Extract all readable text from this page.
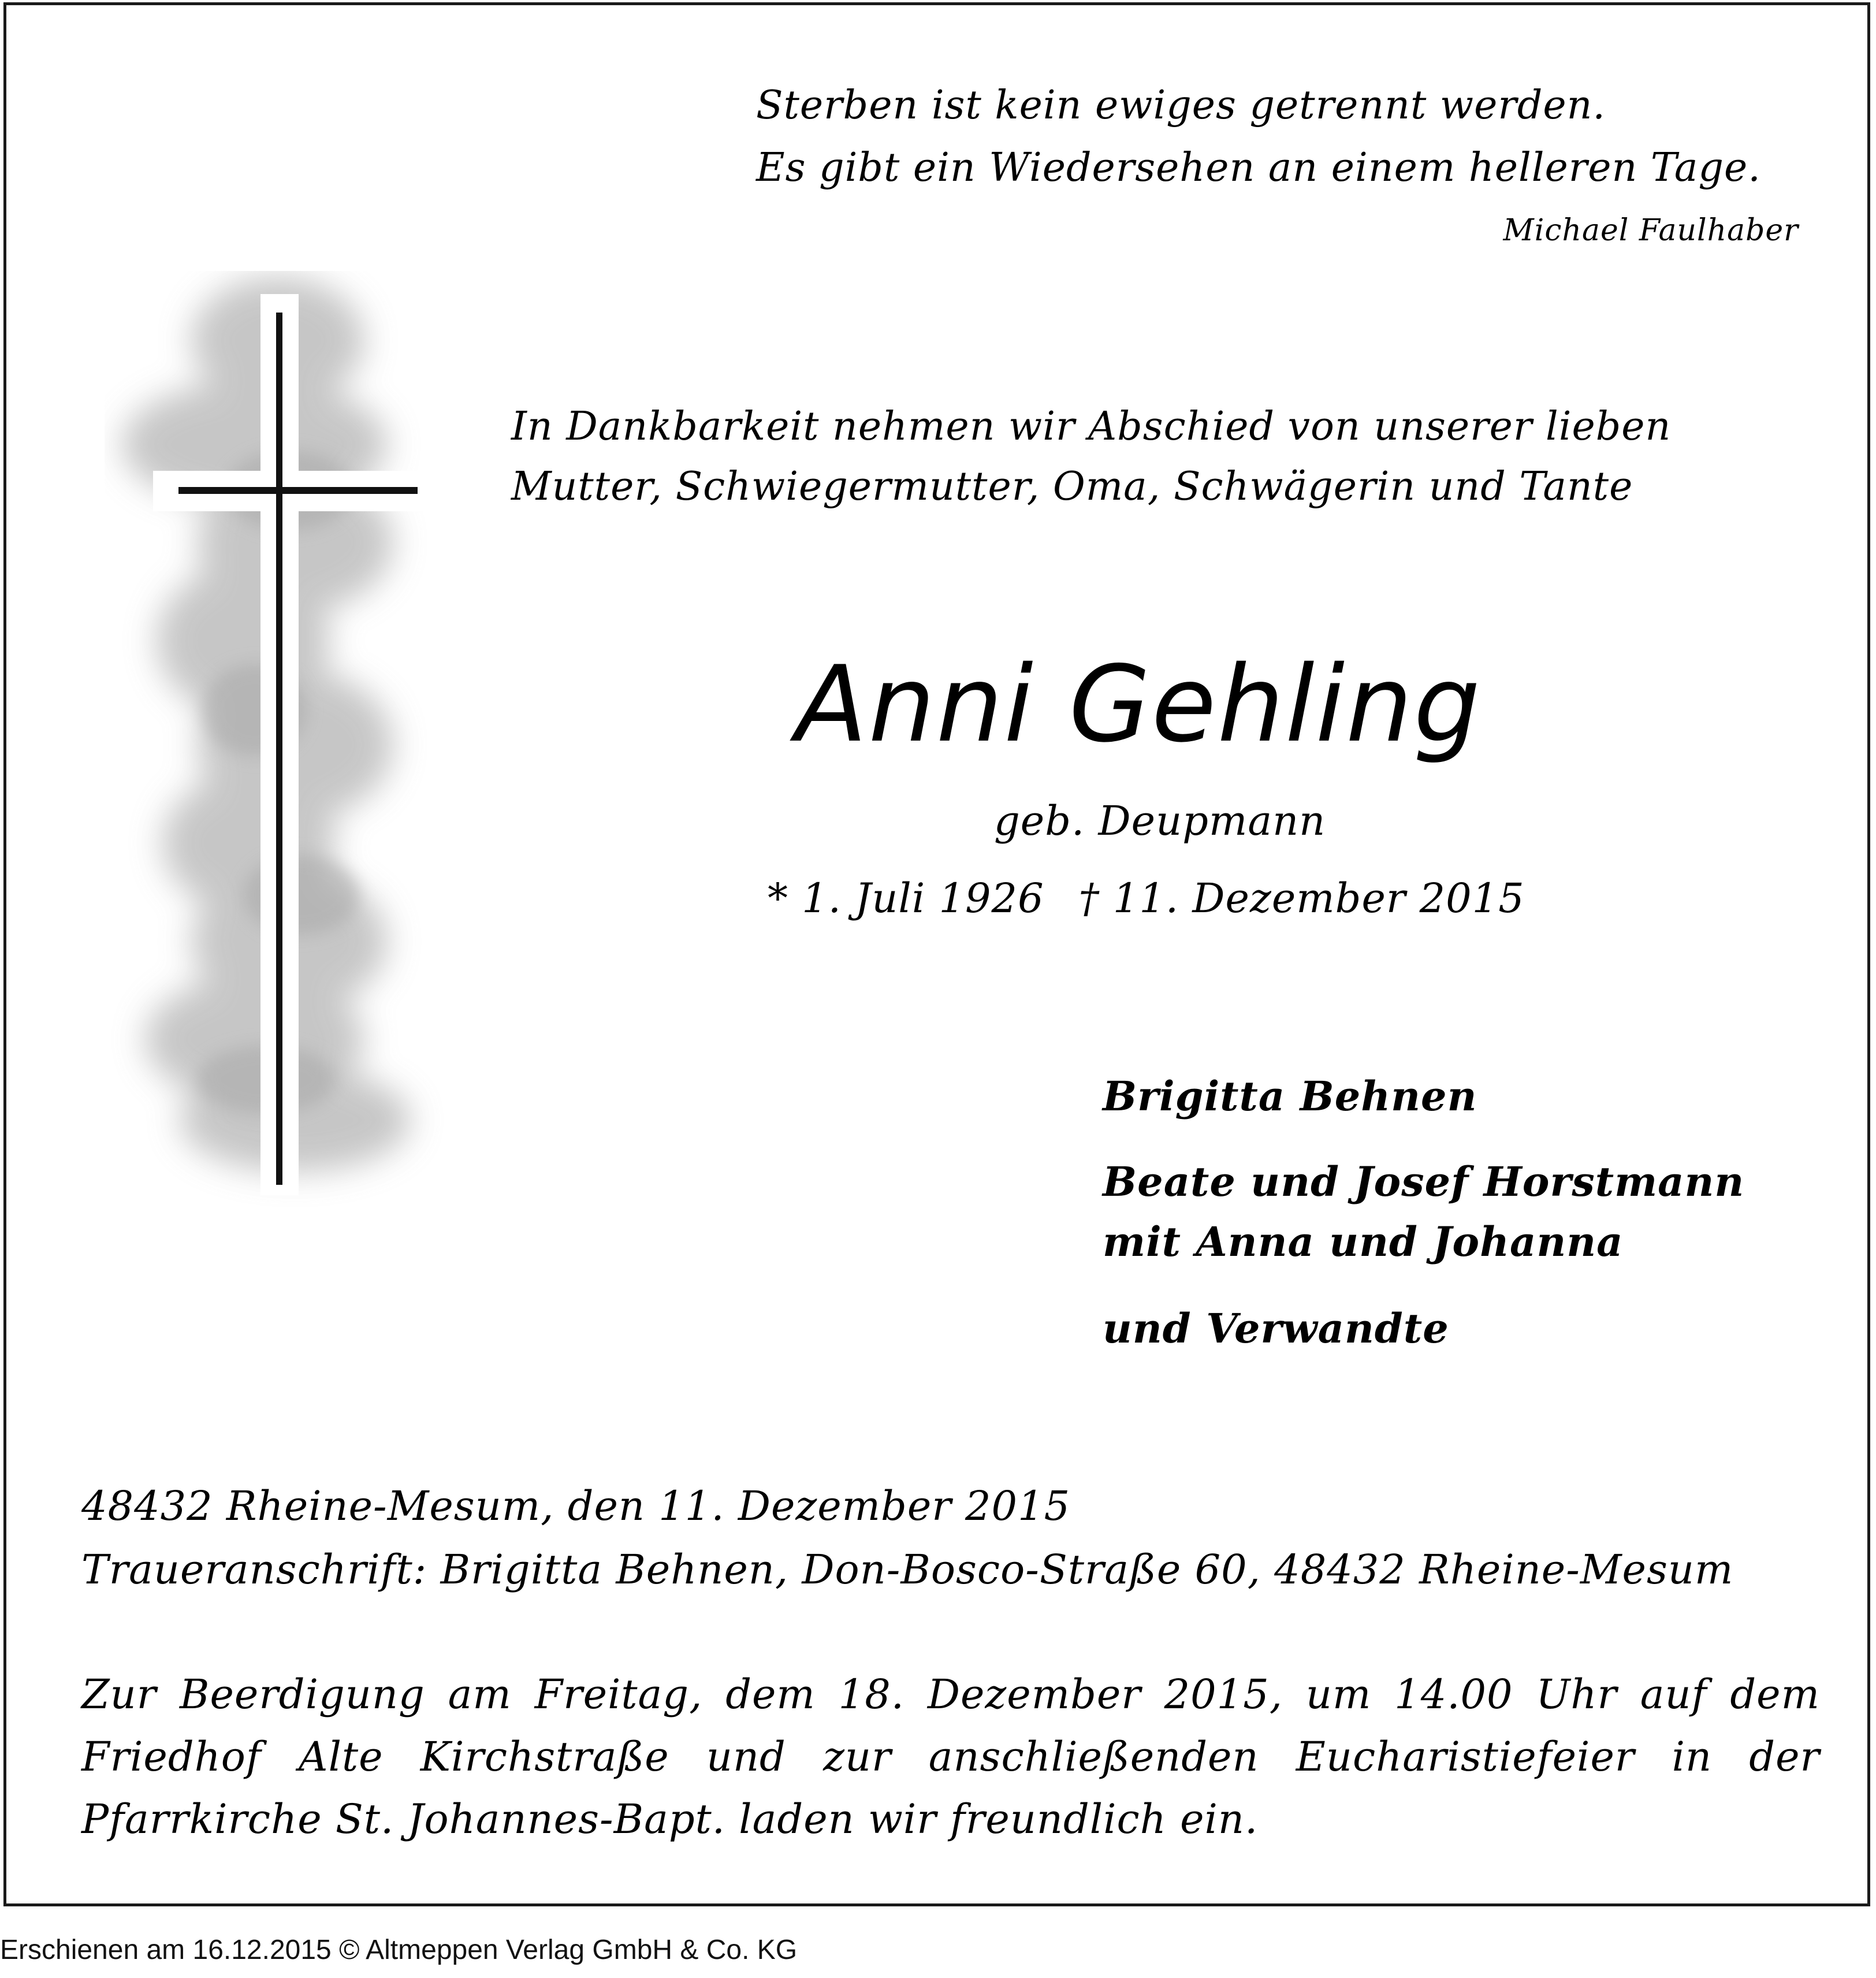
Sterben ist kein ewiges getrennt werden.
Es gibt ein Wiedersehen an einem helleren Tage.
Michael Faulhaber
In Dankbarkeit nehmen wir Abschied von unserer lieben
Mutter, Schwiegermutter, Oma, Schwägerin und Tante
Anni Gehling
geb. Deupmann
* 1. Juli 1926 † 11. Dezember 2015
Brigitta Behnen
Beate und Josef Horstmann
mit Anna und Johanna
und Verwandte
48432 Rheine-Mesum, den 11. Dezember 2015
Traueranschrift: Brigitta Behnen, Don-Bosco-Straße 60, 48432 Rheine-Mesum
Zur Beerdigung am Freitag, dem 18. Dezember 2015, um 14.00 Uhr auf dem
Friedhof Alte Kirchstraße und zur anschließenden Eucharistiefeier in der
Pfarrkirche St. Johannes-Bapt. laden wir freundlich ein.
Erschienen am 16.12.2015 © Altmeppen Verlag GmbH & Co. KG
